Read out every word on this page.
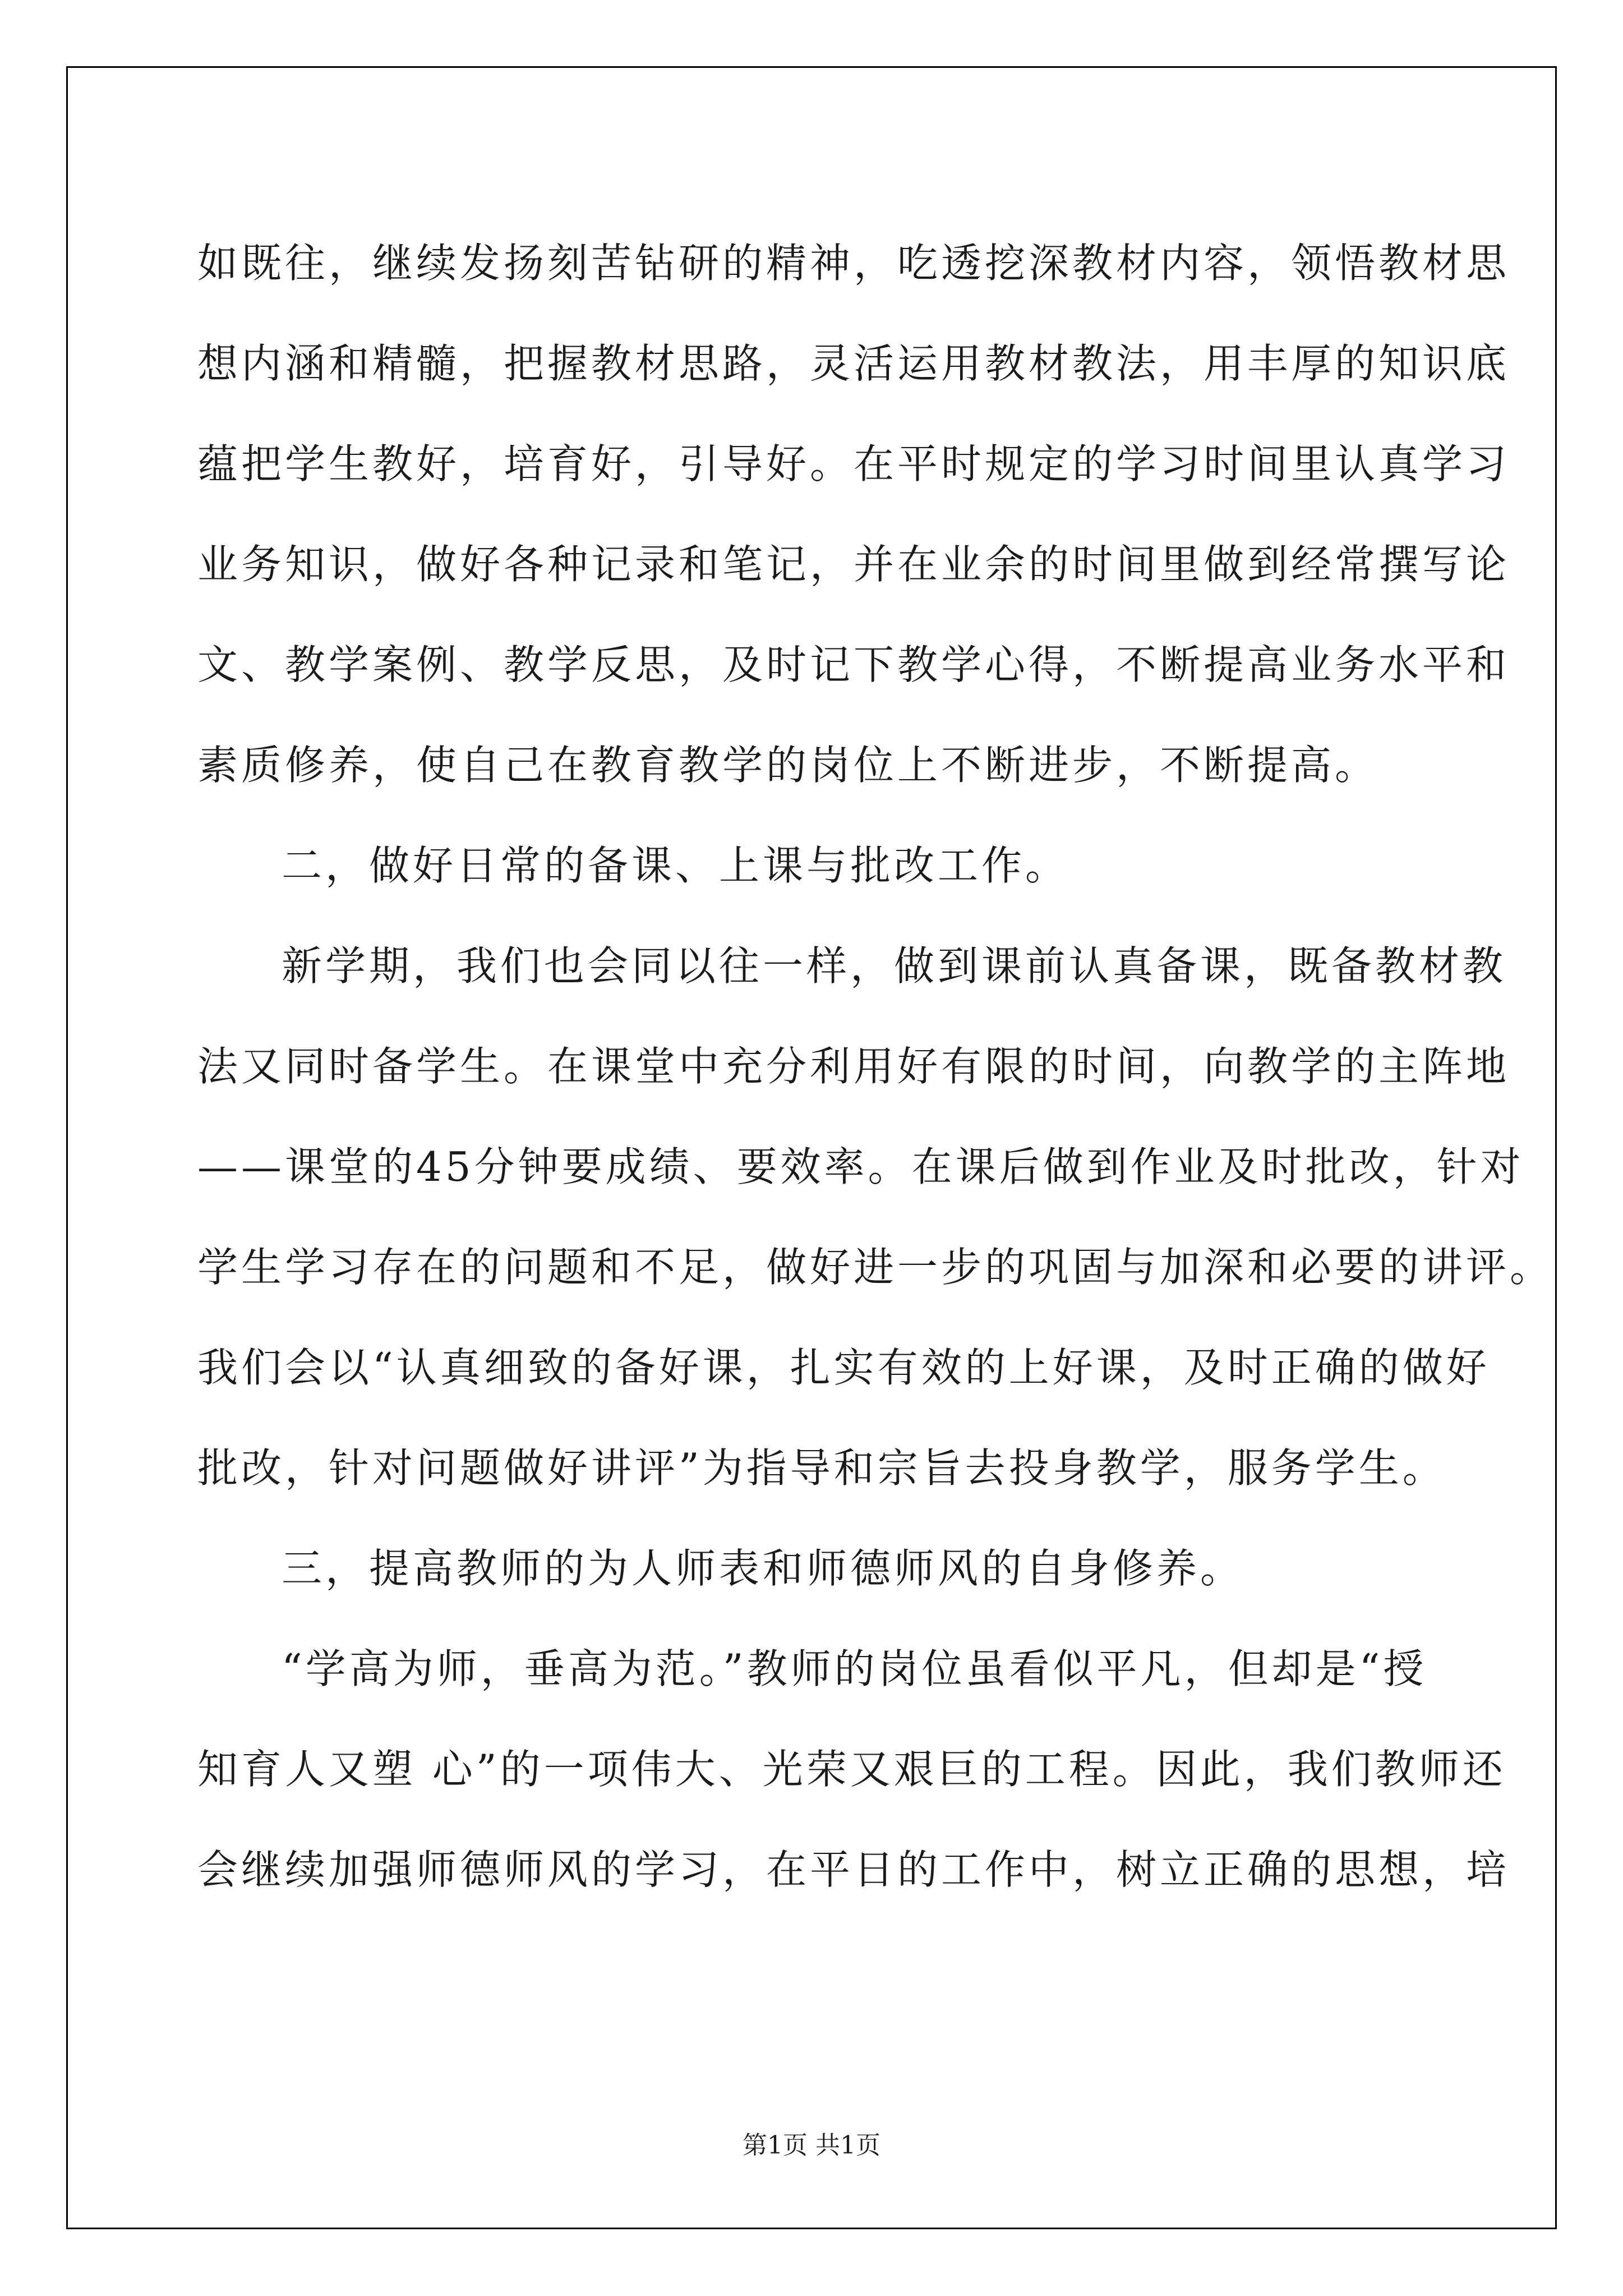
如既往，继续发扬刻苦钻研的精神，吃透挖深教材内容，领悟教材思
想内涵和精髓，把握教材思路，灵活运用教材教法，用丰厚的知识底
蕴把学生教好，培育好，引导好。在平时规定的学习时间里认真学习
业务知识，做好各种记录和笔记，并在业余的时间里做到经常撰写论
文、教学案例、教学反思，及时记下教学心得，不断提高业务水平和
素质修养，使自己在教育教学的岗位上不断进步，不断提高。
二，做好日常的备课、上课与批改工作。
新学期，我们也会同以往一样，做到课前认真备课，既备教材教
法又同时备学生。在课堂中充分利用好有限的时间，向教学的主阵地
——课堂的45分钟要成绩、要效率。在课后做到作业及时批改，针对
学生学习存在的问题和不足，做好进一步的巩固与加深和必要的讲评。
我们会以“认真细致的备好课，扎实有效的上好课，及时正确的做好
批改，针对问题做好讲评”为指导和宗旨去投身教学，服务学生。
三，提高教师的为人师表和师德师风的自身修养。
“学高为师，垂高为范。”教师的岗位虽看似平凡，但却是“授
知育人又塑 心”的一项伟大、光荣又艰巨的工程。因此，我们教师还
会继续加强师德师风的学习，在平日的工作中，树立正确的思想，培
第1页 共1页
